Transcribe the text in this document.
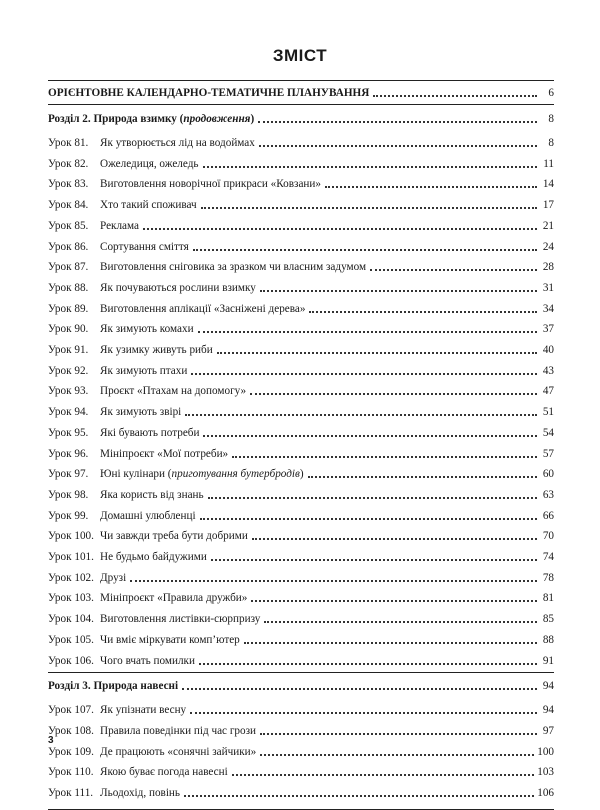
ЗМІСТ
ОРІЄНТОВНЕ КАЛЕНДАРНО-ТЕМАТИЧНЕ ПЛАНУВАННЯ	6
Розділ 2. Природа взимку (продовження)	8
Урок 81.	Як утворюється лід на водоймах	8
Урок 82.	Ожеледиця, ожеледь	11
Урок 83.	Виготовлення новорічної прикраси «Ковзани»	14
Урок 84.	Хто такий споживач	17
Урок 85.	Реклама	21
Урок 86.	Сортування сміття	24
Урок 87.	Виготовлення сніговика за зразком чи власним задумом	28
Урок 88.	Як почуваються рослини взимку	31
Урок 89.	Виготовлення аплікації «Засніжені дерева»	34
Урок 90.	Як зимують комахи	37
Урок 91.	Як узимку живуть риби	40
Урок 92.	Як зимують птахи	43
Урок 93.	Проєкт «Птахам на допомогу»	47
Урок 94.	Як зимують звірі	51
Урок 95.	Які бувають потреби	54
Урок 96.	Мініпроєкт «Мої потреби»	57
Урок 97.	Юні кулінари (приготування бутербродів)	60
Урок 98.	Яка користь від знань	63
Урок 99.	Домашні улюбленці	66
Урок 100. Чи завжди треба бути добрими	70
Урок 101. Не будьмо байдужими	74
Урок 102. Друзі	78
Урок 103. Мініпроєкт «Правила дружби»	81
Урок 104. Виготовлення листівки-сюрпризу	85
Урок 105. Чи вміє міркувати комп’ютер	88
Урок 106. Чого вчать помилки	91
Розділ 3. Природа навесні	94
Урок 107. Як упізнати весну	94
Урок 108. Правила поведінки під час грози	97
Урок 109. Де працюють «сонячні зайчики»	100
Урок 110. Якою буває погода навесні	103
Урок 111. Льодохід, повінь	106
3
